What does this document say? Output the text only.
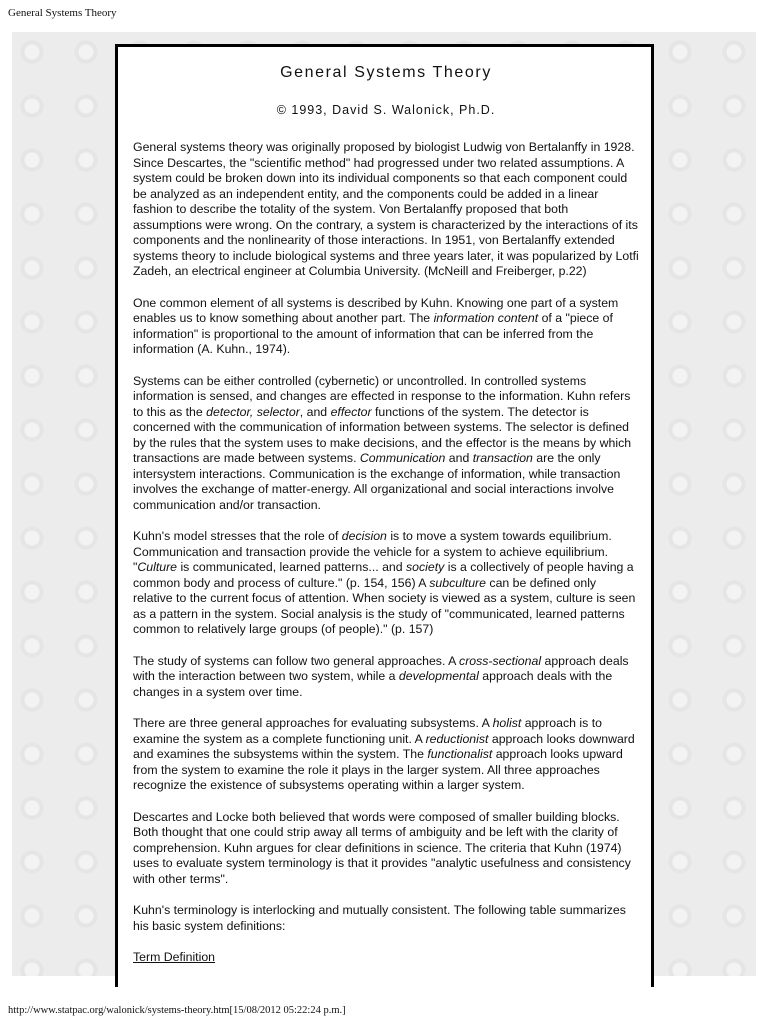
General Systems Theory
General Systems Theory
© 1993, David S. Walonick, Ph.D.

General systems theory was originally proposed by biologist Ludwig von Bertalanffy in 1928. Since Descartes, the "scientific method" had progressed under two related assumptions. A system could be broken down into its individual components so that each component could be analyzed as an independent entity, and the components could be added in a linear fashion to describe the totality of the system. Von Bertalanffy proposed that both assumptions were wrong. On the contrary, a system is characterized by the interactions of its components and the nonlinearity of those interactions. In 1951, von Bertalanffy extended systems theory to include biological systems and three years later, it was popularized by Lotfi Zadeh, an electrical engineer at Columbia University. (McNeill and Freiberger, p.22)

One common element of all systems is described by Kuhn. Knowing one part of a system enables us to know something about another part. The information content of a "piece of information" is proportional to the amount of information that can be inferred from the information (A. Kuhn., 1974).

Systems can be either controlled (cybernetic) or uncontrolled. In controlled systems information is sensed, and changes are effected in response to the information. Kuhn refers to this as the detector, selector, and effector functions of the system. The detector is concerned with the communication of information between systems. The selector is defined by the rules that the system uses to make decisions, and the effector is the means by which transactions are made between systems. Communication and transaction are the only intersystem interactions. Communication is the exchange of information, while transaction involves the exchange of matter-energy. All organizational and social interactions involve communication and/or transaction.

Kuhn's model stresses that the role of decision is to move a system towards equilibrium. Communication and transaction provide the vehicle for a system to achieve equilibrium. "Culture is communicated, learned patterns... and society is a collectively of people having a common body and process of culture." (p. 154, 156) A subculture can be defined only relative to the current focus of attention. When society is viewed as a system, culture is seen as a pattern in the system. Social analysis is the study of "communicated, learned patterns common to relatively large groups (of people)." (p. 157)

The study of systems can follow two general approaches. A cross-sectional approach deals with the interaction between two system, while a developmental approach deals with the changes in a system over time.

There are three general approaches for evaluating subsystems. A holist approach is to examine the system as a complete functioning unit. A reductionist approach looks downward and examines the subsystems within the system. The functionalist approach looks upward from the system to examine the role it plays in the larger system. All three approaches recognize the existence of subsystems operating within a larger system.

Descartes and Locke both believed that words were composed of smaller building blocks. Both thought that one could strip away all terms of ambiguity and be left with the clarity of comprehension. Kuhn argues for clear definitions in science. The criteria that Kuhn (1974) uses to evaluate system terminology is that it provides "analytic usefulness and consistency with other terms".

Kuhn's terminology is interlocking and mutually consistent. The following table summarizes his basic system definitions:

Term Definition
http://www.statpac.org/walonick/systems-theory.htm[15/08/2012 05:22:24 p.m.]
